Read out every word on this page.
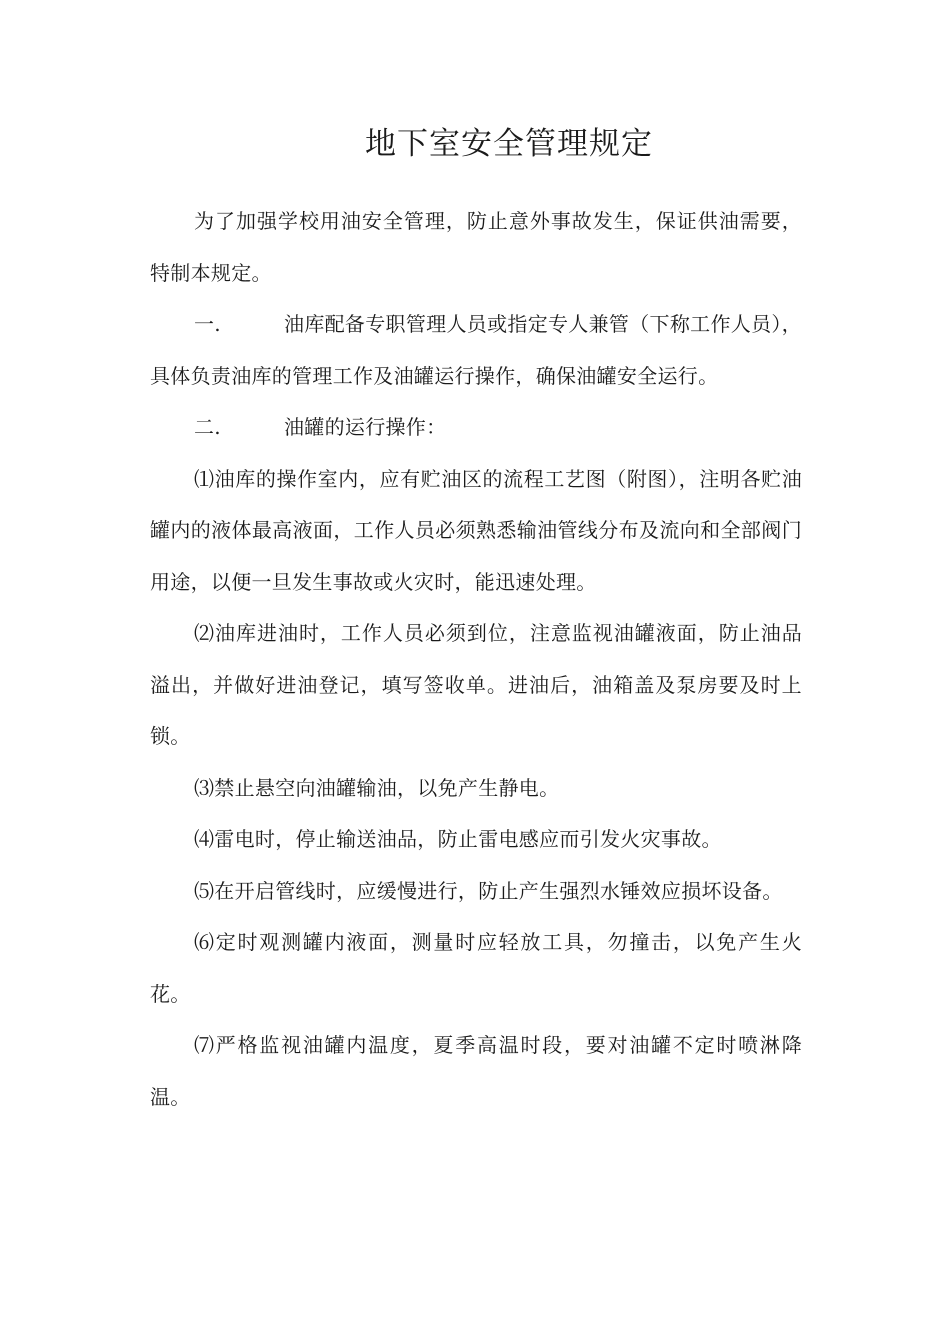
地下室安全管理规定

为了加强学校用油安全管理，防止意外事故发生，保证供油需要，特制本规定。

一.	油库配备专职管理人员或指定专人兼管（下称工作人员），具体负责油库的管理工作及油罐运行操作，确保油罐安全运行。

二.	油罐的运行操作：

⑴油库的操作室内，应有贮油区的流程工艺图（附图），注明各贮油罐内的液体最高液面，工作人员必须熟悉输油管线分布及流向和全部阀门用途，以便一旦发生事故或火灾时，能迅速处理。

⑵油库进油时，工作人员必须到位，注意监视油罐液面，防止油品溢出，并做好进油登记，填写签收单。进油后，油箱盖及泵房要及时上锁。

⑶禁止悬空向油罐输油，以免产生静电。

⑷雷电时，停止输送油品，防止雷电感应而引发火灾事故。

⑸在开启管线时，应缓慢进行，防止产生强烈水锤效应损坏设备。

⑹定时观测罐内液面，测量时应轻放工具，勿撞击，以免产生火花。

⑺严格监视油罐内温度，夏季高温时段，要对油罐不定时喷淋降温。
